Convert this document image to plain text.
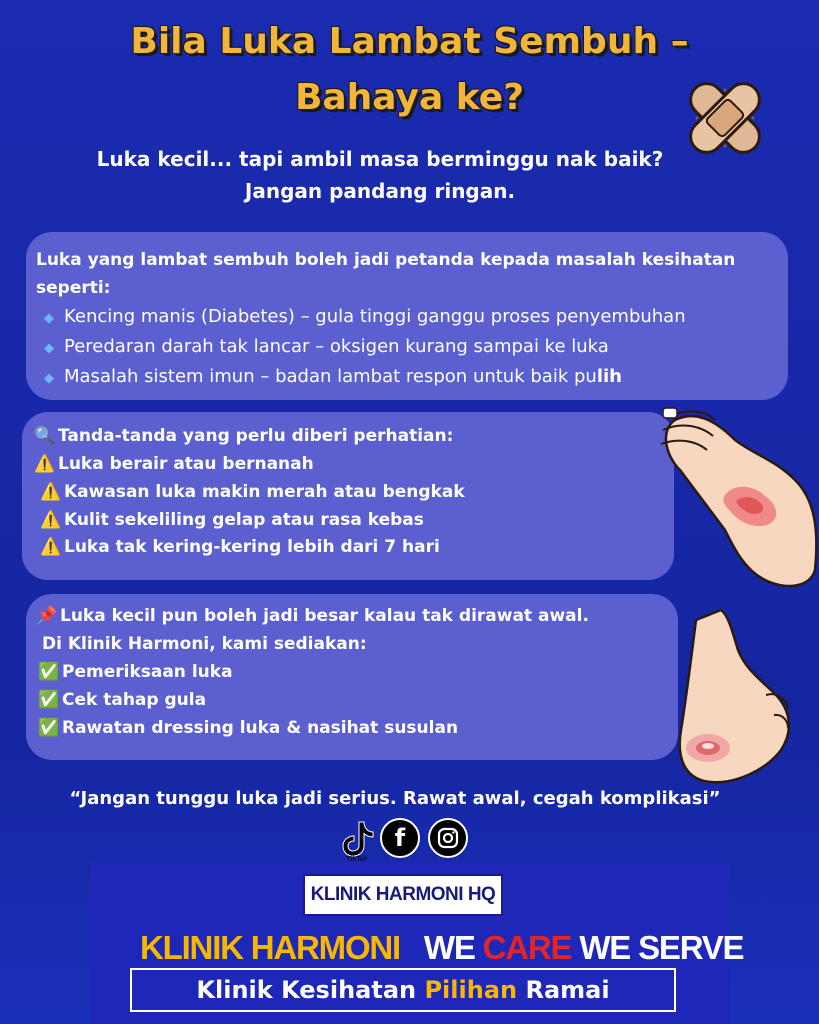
Bila Luka Lambat Sembuh –
Bahaya ke?
Luka kecil... tapi ambil masa berminggu nak baik?
Jangan pandang ringan.
Luka yang lambat sembuh boleh jadi petanda kepada masalah kesihatan
seperti:
◆ Kencing manis (Diabetes) – gula tinggi ganggu proses penyembuhan
◆ Peredaran darah tak lancar – oksigen kurang sampai ke luka
◆ Masalah sistem imun – badan lambat respon untuk baik pulih
🔍 Tanda-tanda yang perlu diberi perhatian:
⚠️ Luka berair atau bernanah
⚠️ Kawasan luka makin merah atau bengkak
⚠️ Kulit sekeliling gelap atau rasa kebas
⚠️ Luka tak kering-kering lebih dari 7 hari
📌 Luka kecil pun boleh jadi besar kalau tak dirawat awal.
Di Klinik Harmoni, kami sediakan:
✅ Pemeriksaan luka
✅ Cek tahap gula
✅ Rawatan dressing luka & nasihat susulan
“Jangan tunggu luka jadi serius. Rawat awal, cegah komplikasi”
TikTok
f
KLINIK HARMONI HQ
KLINIK HARMONI WE CARE WE SERVE
Klinik Kesihatan Pilihan Ramai
